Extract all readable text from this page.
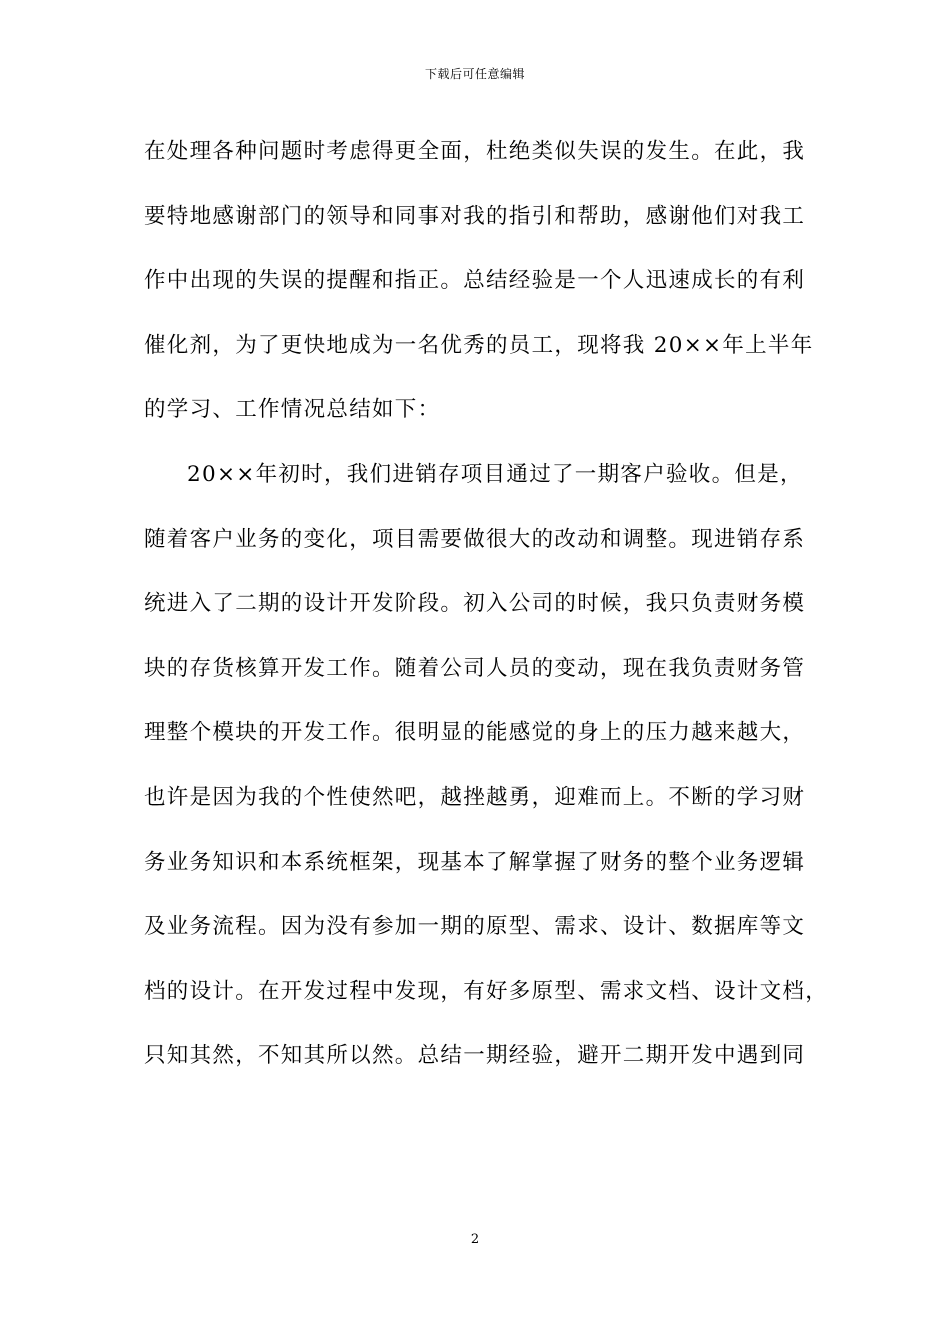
下载后可任意编辑
在处理各种问题时考虑得更全面，杜绝类似失误的发生。在此，我
要特地感谢部门的领导和同事对我的指引和帮助，感谢他们对我工
作中出现的失误的提醒和指正。总结经验是一个人迅速成长的有利
催化剂，为了更快地成为一名优秀的员工，现将我 20××年上半年
的学习、工作情况总结如下：
20××年初时，我们进销存项目通过了一期客户验收。但是，
随着客户业务的变化，项目需要做很大的改动和调整。现进销存系
统进入了二期的设计开发阶段。初入公司的时候，我只负责财务模
块的存货核算开发工作。随着公司人员的变动，现在我负责财务管
理整个模块的开发工作。很明显的能感觉的身上的压力越来越大，
也许是因为我的个性使然吧，越挫越勇，迎难而上。不断的学习财
务业务知识和本系统框架，现基本了解掌握了财务的整个业务逻辑
及业务流程。因为没有参加一期的原型、需求、设计、数据库等文
档的设计。在开发过程中发现，有好多原型、需求文档、设计文档，
只知其然，不知其所以然。总结一期经验，避开二期开发中遇到同
2
